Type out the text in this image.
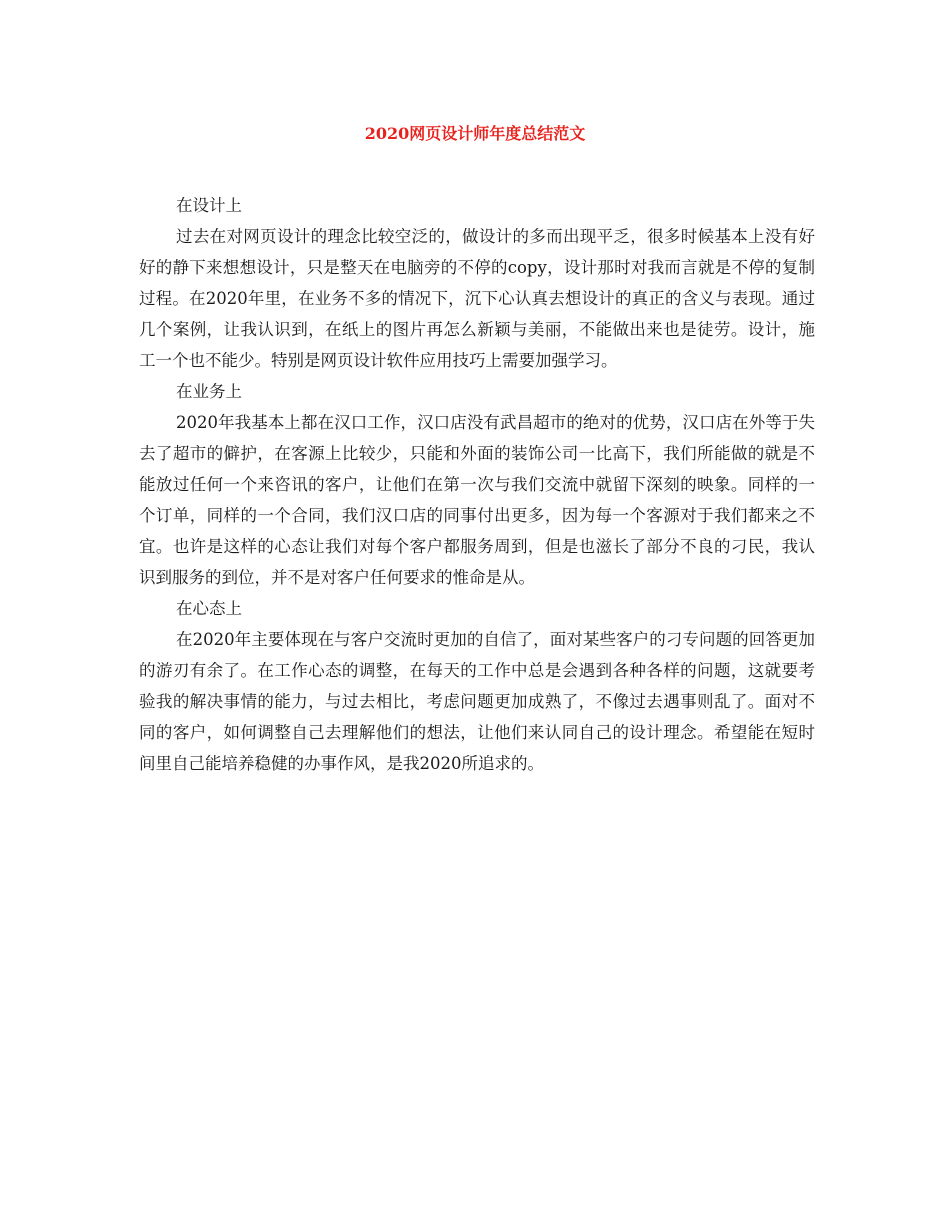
2020网页设计师年度总结范文

在设计上

过去在对网页设计的理念比较空泛的，做设计的多而出现平乏，很多时候基本上没有好好的静下来想想设计，只是整天在电脑旁的不停的copy，设计那时对我而言就是不停的复制过程。在2020年里，在业务不多的情况下，沉下心认真去想设计的真正的含义与表现。通过几个案例，让我认识到，在纸上的图片再怎么新颖与美丽，不能做出来也是徒劳。设计，施工一个也不能少。特别是网页设计软件应用技巧上需要加强学习。

在业务上

2020年我基本上都在汉口工作，汉口店没有武昌超市的绝对的优势，汉口店在外等于失去了超市的僻护，在客源上比较少，只能和外面的装饰公司一比高下，我们所能做的就是不能放过任何一个来咨讯的客户，让他们在第一次与我们交流中就留下深刻的映象。同样的一个订单，同样的一个合同，我们汉口店的同事付出更多，因为每一个客源对于我们都来之不宜。也许是这样的心态让我们对每个客户都服务周到，但是也滋长了部分不良的刁民，我认识到服务的到位，并不是对客户任何要求的惟命是从。

在心态上

在2020年主要体现在与客户交流时更加的自信了，面对某些客户的刁专问题的回答更加的游刃有余了。在工作心态的调整，在每天的工作中总是会遇到各种各样的问题，这就要考验我的解决事情的能力，与过去相比，考虑问题更加成熟了，不像过去遇事则乱了。面对不同的客户，如何调整自己去理解他们的想法，让他们来认同自己的设计理念。希望能在短时间里自己能培养稳健的办事作风，是我2020所追求的。
